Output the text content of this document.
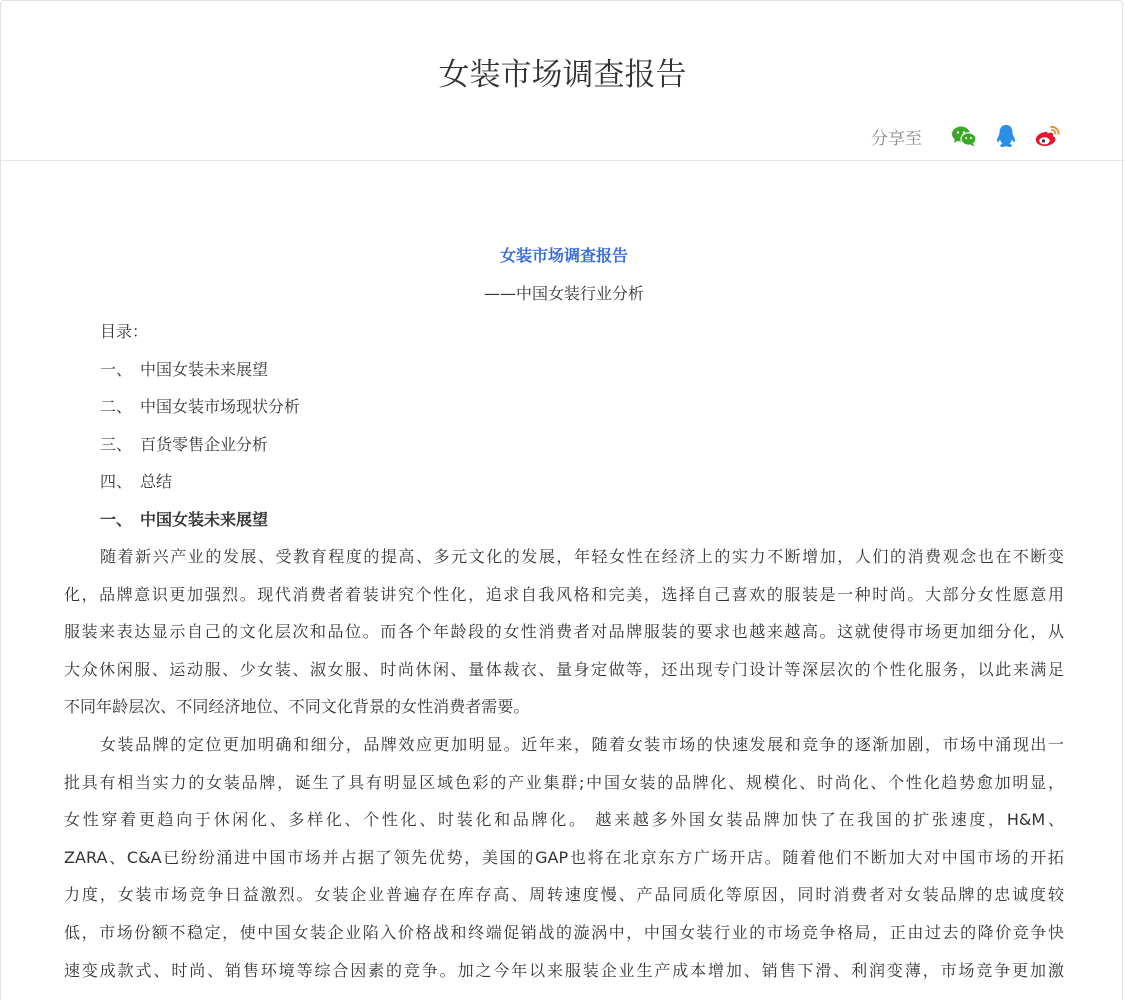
女装市场调查报告
分享至
女装市场调查报告
——中国女装行业分析
目录：
一、 中国女装未来展望
二、 中国女装市场现状分析
三、 百货零售企业分析
四、 总结
一、 中国女装未来展望
随着新兴产业的发展、受教育程度的提高、多元文化的发展，年轻女性在经济上的实力不断增加，人们的消费观念也在不断变
化，品牌意识更加强烈。现代消费者着装讲究个性化，追求自我风格和完美，选择自己喜欢的服装是一种时尚。大部分女性愿意用
服装来表达显示自己的文化层次和品位。而各个年龄段的女性消费者对品牌服装的要求也越来越高。这就使得市场更加细分化，从
大众休闲服、运动服、少女装、淑女服、时尚休闲、量体裁衣、量身定做等，还出现专门设计等深层次的个性化服务，以此来满足
不同年龄层次、不同经济地位、不同文化背景的女性消费者需要。
女装品牌的定位更加明确和细分，品牌效应更加明显。近年来，随着女装市场的快速发展和竞争的逐渐加剧，市场中涌现出一
批具有相当实力的女装品牌，诞生了具有明显区域色彩的产业集群;中国女装的品牌化、规模化、时尚化、个性化趋势愈加明显，
女性穿着更趋向于休闲化、多样化、个性化、时装化和品牌化。 越来越多外国女装品牌加快了在我国的扩张速度，H&M、
ZARA、C&A已纷纷涌进中国市场并占据了领先优势，美国的GAP也将在北京东方广场开店。随着他们不断加大对中国市场的开拓
力度，女装市场竞争日益激烈。女装企业普遍存在库存高、周转速度慢、产品同质化等原因，同时消费者对女装品牌的忠诚度较
低，市场份额不稳定，使中国女装企业陷入价格战和终端促销战的漩涡中，中国女装行业的市场竞争格局，正由过去的降价竞争快
速变成款式、时尚、销售环境等综合因素的竞争。加之今年以来服装企业生产成本增加、销售下滑、利润变薄，市场竞争更加激
